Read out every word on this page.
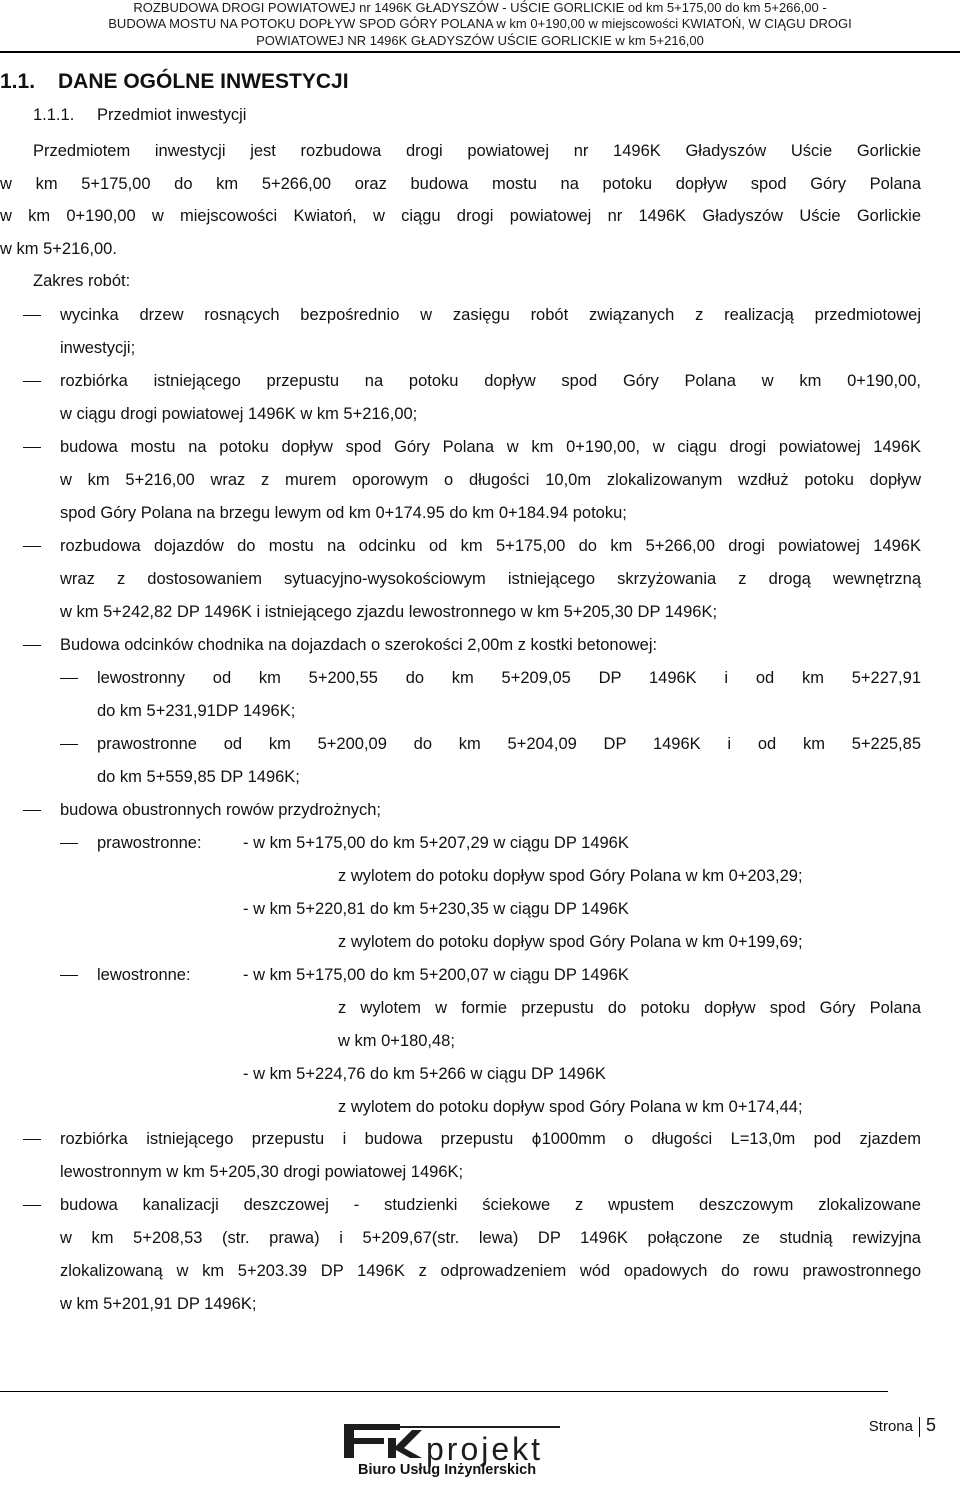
ROZBUDOWA DROGI POWIATOWEJ nr 1496K GŁADYSZÓW - UŚCIE GORLICKIE od km 5+175,00 do km 5+266,00 -
BUDOWA MOSTU NA POTOKU DOPŁYW SPOD GÓRY POLANA w km 0+190,00 w miejscowości KWIATOŃ, W CIĄGU DROGI
POWIATOWEJ NR 1496K GŁADYSZÓW UŚCIE GORLICKIE w km 5+216,00
1.1. DANE OGÓLNE INWESTYCJI
1.1.1. Przedmiot inwestycji
Przedmiotem inwestycji jest rozbudowa drogi powiatowej nr 1496K Gładyszów Uście Gorlickie
w km 5+175,00 do km 5+266,00 oraz budowa mostu na potoku dopływ spod Góry Polana
w km 0+190,00 w miejscowości Kwiatoń, w ciągu drogi powiatowej nr 1496K Gładyszów Uście Gorlickie
w km 5+216,00.
Zakres robót:
wycinka drzew rosnących bezpośrednio w zasięgu robót związanych z realizacją przedmiotowej
inwestycji;
rozbiórka istniejącego przepustu na potoku dopływ spod Góry Polana w km 0+190,00,
w ciągu drogi powiatowej 1496K w km 5+216,00;
budowa mostu na potoku dopływ spod Góry Polana w km 0+190,00, w ciągu drogi powiatowej 1496K
w km 5+216,00 wraz z murem oporowym o długości 10,0m zlokalizowanym wzdłuż potoku dopływ
spod Góry Polana na brzegu lewym od km 0+174.95 do km 0+184.94 potoku;
rozbudowa dojazdów do mostu na odcinku od km 5+175,00 do km 5+266,00 drogi powiatowej 1496K
wraz z dostosowaniem sytuacyjno-wysokościowym istniejącego skrzyżowania z drogą wewnętrzną
w km 5+242,82 DP 1496K i istniejącego zjazdu lewostronnego w km 5+205,30 DP 1496K;
Budowa odcinków chodnika na dojazdach o szerokości 2,00m z kostki betonowej:
lewostronny od km 5+200,55 do km 5+209,05 DP 1496K i od km 5+227,91
do km 5+231,91DP 1496K;
prawostronne od km 5+200,09 do km 5+204,09 DP 1496K i od km 5+225,85
do km 5+559,85 DP 1496K;
budowa obustronnych rowów przydrożnych;
prawostronne:	- w km 5+175,00 do km 5+207,29 w ciągu DP 1496K
z wylotem do potoku dopływ spod Góry Polana w km 0+203,29;
- w km 5+220,81 do km 5+230,35 w ciągu DP 1496K
z wylotem do potoku dopływ spod Góry Polana w km 0+199,69;
lewostronne:	- w km 5+175,00 do km 5+200,07 w ciągu DP 1496K
z wylotem w formie przepustu do potoku dopływ spod Góry Polana
w km 0+180,48;
- w km 5+224,76 do km 5+266 w ciągu DP 1496K
z wylotem do potoku dopływ spod Góry Polana w km 0+174,44;
rozbiórka istniejącego przepustu i budowa przepustu ϕ1000mm o długości L=13,0m pod zjazdem
lewostronnym w km 5+205,30 drogi powiatowej 1496K;
budowa kanalizacji deszczowej - studzienki ściekowe z wpustem deszczowym zlokalizowane
w km 5+208,53 (str. prawa) i 5+209,67(str. lewa) DP 1496K połączone ze studnią rewizyjna
zlokalizowaną w km 5+203.39 DP 1496K z odprowadzeniem wód opadowych do rowu prawostronnego
w km 5+201,91 DP 1496K;
projekt
Biuro Usług Inżynierskich
Strona 5
